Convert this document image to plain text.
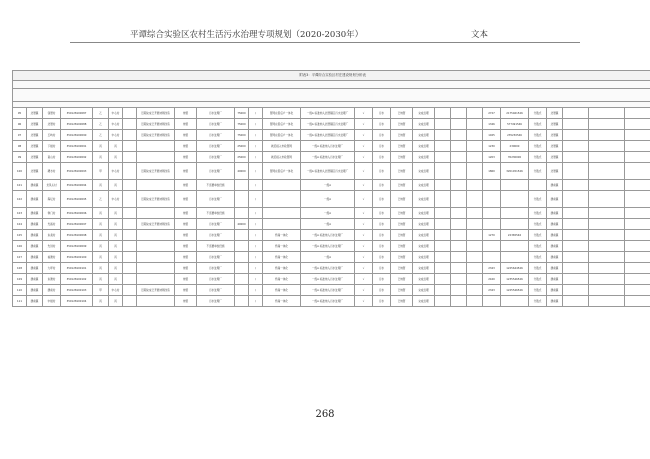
平谭综合实验区农村生活污水治理专项规划（2020-2030年）	文本
附表3：平谭综合实验区村庄建设规划分析表																											

95	北厝镇	钱厝村	350128100087	乙	中心村		近期完成已开展纳网改造	纳管	污水处理厂	75000	/	管网完善后户一体化	一级A 标准纳入北厝镇区污水处理厂	√	污水	已纳管	完成治理				2727	2175461546	分散式	北厝镇			
96	北厝镇	北厝村	350128100088	乙	中心村		近期完成已开展纳网改造	纳管	污水处理厂	75000	/	管网完善后户一体化	一级A 标准纳入北厝镇区污水处理厂	√	污水	已纳管	完成治理				1346	577491546	分散式	北厝镇			
97	北厝镇	玉屿村	350128100090	乙	中心村		近期完成已开展纳网改造	纳管	污水处理厂	75000	/	管网完善后户一体化	一级A 标准纳入北厝镇区污水处理厂	√	污水	已纳管	完成治理				1025	235230546	分散式	北厝镇			
98	北厝镇	下楼村	350128100091	丙	丙			纳管	污水处理厂	25000	/	就近接入市政管网	一级A 标准纳入污水处理厂	√	污水	已纳管	完成治理				1230	230000	分散式	北厝镇			
99	北厝镇	南山村	350128100092	丙	丙			纳管	污水处理厂	25000	/	就近接入市政管网	一级A 标准纳入污水处理厂	√	污水	已纳管	完成治理				1203	35230000	分散式	北厝镇			
100	北厝镇	磹水村	350128100093	甲	中心村		近期完成已开展纳网改造	纳管	污水处理厂	40000	/	管网完善后户一体化	一级A 标准纳入北厝镇区污水处理厂	√	污水	已纳管	完成治理				1860	3201451546	分散式	北厝镇			
101	澳前镇	龙凤头村	350128100094	丙	丙			纳管	不需要单独设施		/		一级A	√	污水	已纳管	完成治理							澳前镇			
102	澳前镇	海坛村	350128100095	乙	中心村		近期完成已开展纳网改造	纳管	污水处理厂		/		一级A	√	污水	已纳管	完成治理						分散式	澳前镇			
103	澳前镇	钟门村	350128100096	丙	丙			纳管	不需要单独设施		/		一级A	√	污水	已纳管	完成治理						分散式	澳前镇			
104	澳前镇	光裕村	350128100097	丙	丙		近期完成已开展纳网改造	纳管	污水处理厂	40000	/		一级A	√	污水	已纳管	完成治理						分散式	澳前镇			
105	澳前镇	东美村	350128100098	丙	丙			纳管	污水处理厂		/	终端一体化	一级A 标准纳入污水处理厂	√	污水	已纳管	完成治理				1270	22365546	分散式	澳前镇			
106	澳前镇	先进村	350128100099	丙	丙			纳管	不需要单独设施		/	终端一体化	一级A 标准纳入污水处理厂	√	污水	已纳管	完成治理						分散式	澳前镇			
107	澳前镇	看澳村	350128100100	丙	丙			纳管	污水处理厂		/	终端一体化	一级A	√	污水	已纳管	完成治理						分散式	澳前镇			
108	澳前镇	大坪村	350128100101	丙	丙			纳管	污水处理厂		/	终端一体化	一级A 标准纳入污水处理厂	√	污水	已纳管	完成治理				2343	1225644546	分散式	澳前镇			
109	澳前镇	东澳村	350128100102	丙	丙			纳管	污水处理厂		/	终端一体化	一级A 标准纳入污水处理厂	√	污水	已纳管	完成治理				2160	1235546546	分散式	澳前镇			
110	澳前镇	澳前村	350128100103	甲	中心村		近期完成已开展纳网改造	纳管	污水处理厂		/	终端一体化	一级A 标准纳入污水处理厂	√	污水	已纳管	完成治理				2343	1225546546	分散式	澳前镇			
111	澳前镇	中楼村	350128100104	丙	丙			纳管	污水处理厂		/	终端一体化	一级A 标准纳入污水处理厂	√	污水	已纳管	完成治理						分散式	澳前镇			
268
